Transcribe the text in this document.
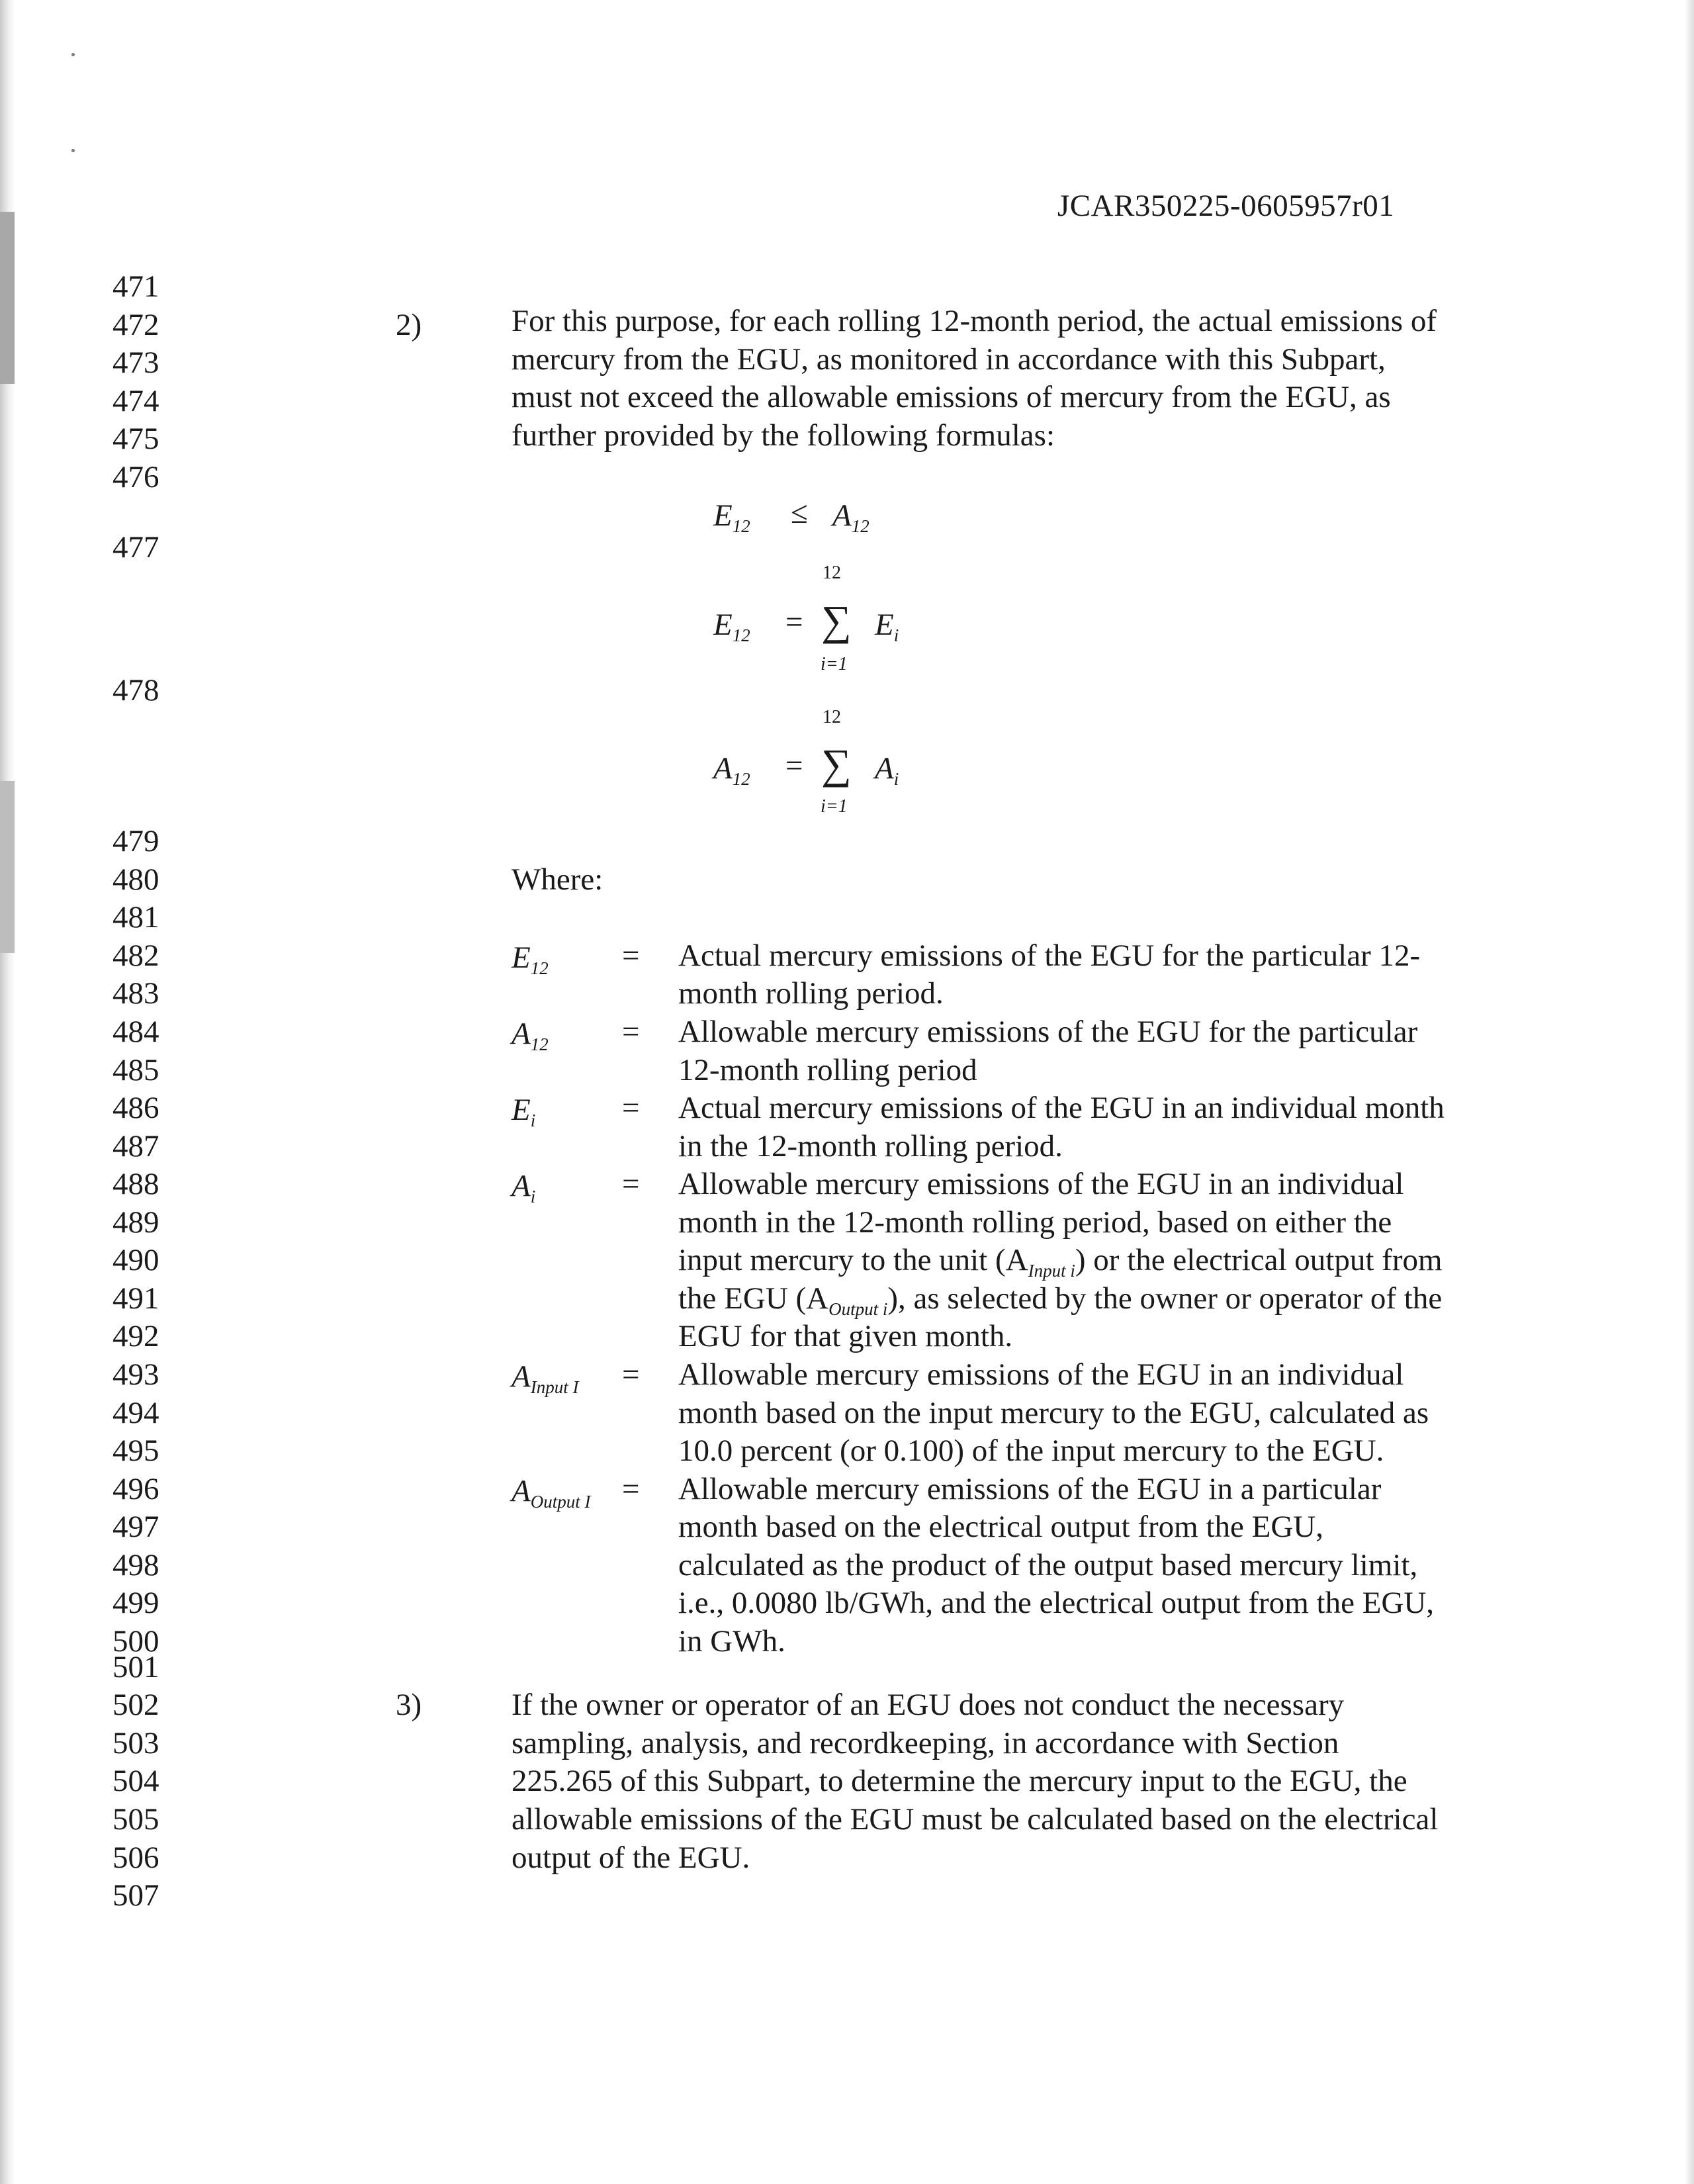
JCAR350225-0605957r01
471
472
473
474
475
476
477
478
479
480
481
482
483
484
485
486
487
488
489
490
491
492
493
494
495
496
497
498
499
500
501
502
503
504
505
506
507
2)	For this purpose, for each rolling 12-month period, the actual emissions of
mercury from the EGU, as monitored in accordance with this Subpart,
must not exceed the allowable emissions of mercury from the EGU, as
further provided by the following formulas:
$E_{12} \le A_{12}$
12
$E_{12}$ = ∑ $E_i$
i=1
12
$A_{12}$ = ∑ $A_i$
i=1
Where:
$E_{12}$ = Actual mercury emissions of the EGU for the particular 12-
month rolling period.
$A_{12}$ = Allowable mercury emissions of the EGU for the particular
12-month rolling period
$E_i$	= Actual mercury emissions of the EGU in an individual month
in the 12-month rolling period.
$A_i$	= Allowable mercury emissions of the EGU in an individual
month in the 12-month rolling period, based on either the
input mercury to the unit $(A_{Input i})$ or the electrical output from
the EGU $(A_{Output i})$, as selected by the owner or operator of the
EGU for that given month.
$A_{Input I}$ = Allowable mercury emissions of the EGU in an individual
month based on the input mercury to the EGU, calculated as
10.0 percent (or 0.100) of the input mercury to the EGU.
$A_{Output I}$ = Allowable mercury emissions of the EGU in a particular
month based on the electrical output from the EGU,
calculated as the product of the output based mercury limit,
i.e., 0.0080 lb/GWh, and the electrical output from the EGU,
in GWh.
3)	If the owner or operator of an EGU does not conduct the necessary
sampling, analysis, and recordkeeping, in accordance with Section
225.265 of this Subpart, to determine the mercury input to the EGU, the
allowable emissions of the EGU must be calculated based on the electrical
output of the EGU.
